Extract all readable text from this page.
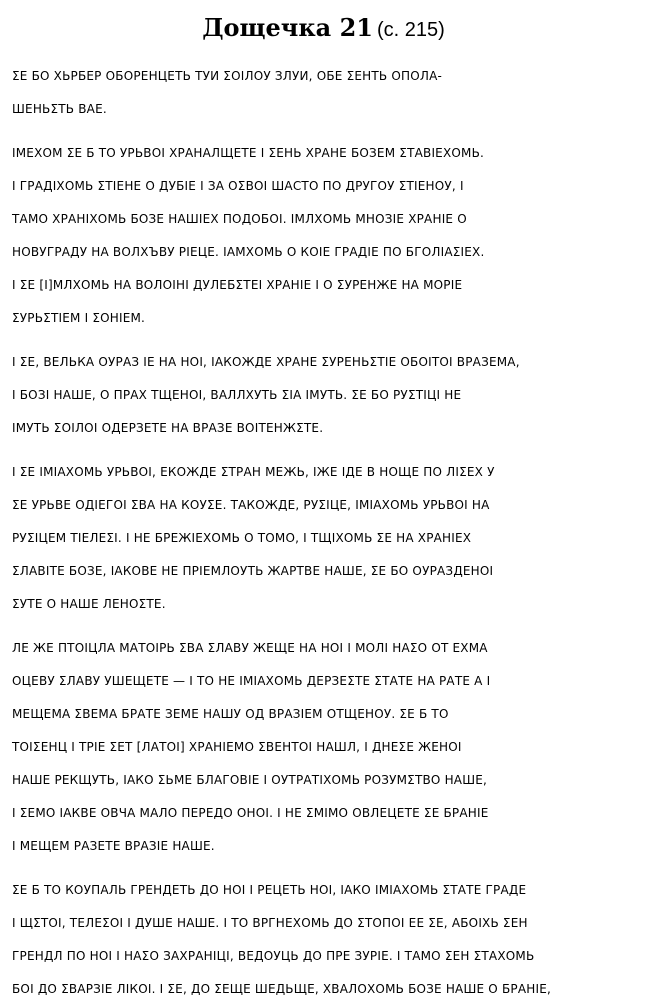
Дощечка 21 (с. 215)
ΣΕ БО ХЬРБЕР ОБОPЕНЦΕТЬ ТУИ ΣОΙЛОУ ЗЛУИ, ОБΕ ΣΕНТЬ ОПОЛА-
ШЕНЬΣТЬ ВАЕ.
ΙМЕХОМ ΣΕ Б ТО УРЬВОΙ ХРАНАЛЩΕТΕ Ι ΣЕНЬ ХРАНΕ БОЗЕМ ΣТАВΙΕХОМЬ.
Ι ГPАДΙХОМЬ ΣТΙЕНΕ О ДУБΙΕ Ι ЗА ΟΣВОΙ ШАСТО ПО ДPУГОУ ΣТΙЕНОУ, Ι
ТАМО ХРАНΙХОМЬ БОЗΕ НАШΙЕХ ПОДОБОΙ. ΙМЛХОМЬ МНОЗΙΕ ХРАНΙΕ О
НОВУГPАДУ НА ВОЛХЪВУ РΙΕЦΕ. ΙАМХОМЬ О КОΙΕ ГРАДΙΕ ПО БГОЛΙΑΣΙЕХ.
Ι ΣΕ [Ι]МЛХОМЬ НА ВОЛОΙНΙ ДУЛΕБΣТΕΙ ХРАНΙΕ Ι О ΣУРЕНЖЕ НА МОPΙΕ
ΣУРЬΣТΙЕМ Ι ΣΟНΙЕМ.
Ι ΣΕ, ВЕЛЬКА ОУРАЗ ΙΕ НА НОΙ, ΙАКОЖДЕ ХРАНΕ ΣУРЕНЬΣТΙΕ ОБОΙТОΙ ВРАЗЕМА,
Ι БОЗΙ НАШΕ, О ПРАХ ТЩЕНОΙ, ВАЛЛХУТЬ ΣΙА ΙМУТЬ. ΣΕ БО РУΣТΙЦΙ НΕ
ΙМУТЬ ΣОΙЛОΙ ОДЕРЗΕТΕ НА ВРАЗΕ ВОΙТЕНЖΣТΕ.
Ι ΣΕ ΙМΙАХОМЬ УРЬВОΙ, ΕКОЖДЕ ΣТРАН МЕЖЬ, ΙЖЕ ΙДЕ В НОЩЕ ПО ЛΙΣΕХ У
ΣΕ УРЬВΕ ОДΙΕГОΙ ΣВА НА КОУΣΕ. ТАКОЖДЕ, РУΣΙЦЕ, ΙМΙАХОМЬ УРЬВОΙ НА
РУΣΙЦЕМ ТΙЕЛΕΣΙ. Ι НΕ БРЕЖΙΕХОМЬ О ТОМО, Ι ТЩΙХОМЬ ΣΕ НА ХРАНΙΕХ
ΣЛАВΙТΕ БОЗΕ, ΙАКОВЕ НΕ ПРΙΕМЛОУТЬ ЖАРТВЕ НАШΕ, ΣΕ БО ОУРАЗДΕНОΙ
ΣУТΕ О НАШΕ ЛЕНОΣТΕ.
ЛЕ ЖЕ ПТОΙЦЛА МАТОΙРЬ ΣВА ΣЛАВУ ЖЕЩЕ НА НОΙ Ι МОЛΙ НАΣО ОТ ΕХМА
ОЦЕВУ ΣЛАВУ УШΕЩΕТΕ — Ι ТО НΕ ΙМΙАХОМЬ ДЕРЗΕΣТΕ ΣТАТΕ НА РАТΕ А Ι
МΕЩЕМА ΣВЕМА БРАТΕ ЗЕМΕ НАШУ ОД ВРАЗΙЕМ ОТЩЕНОУ. ΣΕ Б ТО
ТОΙΣЕНЦ Ι ТРΙΕ ΣΕТ [ЛАТОΙ] ХРАНΙЕМО ΣВΕНТОΙ НАШЛ, Ι ДНΕΣΕ ЖЕНОΙ
НАШΕ РЕКЩУТЬ, ΙАКО ΣЬМЕ БЛАГОВΙΕ Ι ОУТРАТΙХОМЬ РОЗУМΣТВО НАШΕ,
Ι ΣЕМО ΙАКВЕ ОВЧА МАЛО ПЕРЕДО ОНОΙ. Ι НΕ ΣМΙМО ОВЛΕЦΕТΕ ΣΕ БРАНΙΕ
Ι МΕЩЕМ РАЗΕТΕ ВРАЗΙΕ НАШΕ.
ΣΕ Б ТО КОУПАЛЬ ГРЕНДΕТЬ ДО НОΙ Ι РΕЦΕТЬ НОΙ, ΙАКО ΙМΙАХОМЬ ΣТАТΕ ГРАДΕ
Ι ЩΣТОΙ, ТЕЛΕΣОΙ Ι ДУШΕ НАШΕ. Ι ТО ВРГНΕХОМЬ ДО ΣТОПОΙ ΕΕ ΣΕ, АБОΙХЬ ΣΕН
ГРЕНДЛ ПО НОΙ Ι НАΣО ЗАХРАНΙЦΙ, ВЕДОУЦЬ ДО ПРЕ ЗУРΙΕ. Ι ТАМО ΣΕН ΣТАХОМЬ
БОΙ ДО ΣВАРЗΙΕ ЛΙКОΙ. Ι ΣΕ, ДО ΣΕЩΕ ШЕДЬЩΕ, ХВАЛОХОМЬ БОЗΕ НАШΕ О БРАНΙΕ,
